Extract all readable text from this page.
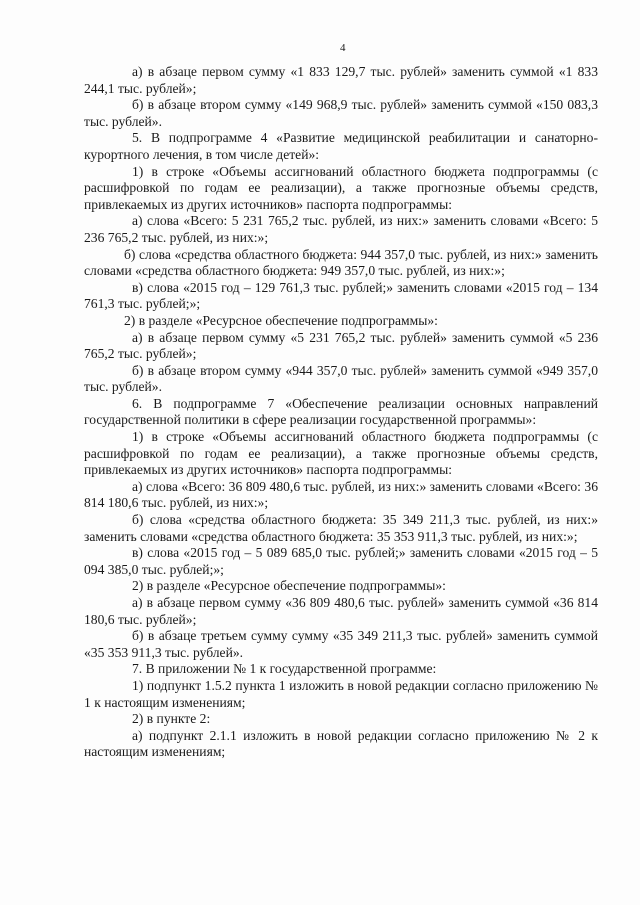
4

а) в абзаце первом сумму «1 833 129,7 тыс. рублей» заменить суммой «1 833 244,1 тыс. рублей»;

б) в абзаце втором сумму «149 968,9 тыс. рублей» заменить суммой «150 083,3 тыс. рублей».

5. В подпрограмме 4 «Развитие медицинской реабилитации и санаторно-курортного лечения, в том числе детей»:

1) в строке «Объемы ассигнований областного бюджета подпрограммы (с расшифровкой по годам ее реализации), а также прогнозные объемы средств, привлекаемых из других источников» паспорта подпрограммы:

а) слова «Всего: 5 231 765,2 тыс. рублей, из них:» заменить словами «Всего: 5 236 765,2 тыс. рублей, из них:»;

б) слова «средства областного бюджета: 944 357,0 тыс. рублей, из них:» заменить словами «средства областного бюджета: 949 357,0 тыс. рублей, из них:»;

в) слова «2015 год – 129 761,3 тыс. рублей;» заменить словами «2015 год – 134 761,3 тыс. рублей;»;

2) в разделе «Ресурсное обеспечение подпрограммы»:

а) в абзаце первом сумму «5 231 765,2 тыс. рублей» заменить суммой «5 236 765,2 тыс. рублей»;

б) в абзаце втором сумму «944 357,0 тыс. рублей» заменить суммой «949 357,0 тыс. рублей».

6. В подпрограмме 7 «Обеспечение реализации основных направлений государственной политики в сфере реализации государственной программы»:

1) в строке «Объемы ассигнований областного бюджета подпрограммы (с расшифровкой по годам ее реализации), а также прогнозные объемы средств, привлекаемых из других источников» паспорта подпрограммы:

а) слова «Всего: 36 809 480,6 тыс. рублей, из них:» заменить словами «Всего: 36 814 180,6 тыс. рублей, из них:»;

б) слова «средства областного бюджета: 35 349 211,3 тыс. рублей, из них:» заменить словами «средства областного бюджета: 35 353 911,3 тыс. рублей, из них:»;

в) слова «2015 год – 5 089 685,0 тыс. рублей;» заменить словами «2015 год – 5 094 385,0 тыс. рублей;»;

2) в разделе «Ресурсное обеспечение подпрограммы»:

а) в абзаце первом сумму «36 809 480,6 тыс. рублей» заменить суммой «36 814 180,6 тыс. рублей»;

б) в абзаце третьем сумму сумму «35 349 211,3 тыс. рублей» заменить суммой «35 353 911,3 тыс. рублей».

7. В приложении № 1 к государственной программе:

1) подпункт 1.5.2 пункта 1 изложить в новой редакции согласно приложению № 1 к настоящим изменениям;

2) в пункте 2:

а) подпункт 2.1.1 изложить в новой редакции согласно приложению № 2 к настоящим изменениям;
